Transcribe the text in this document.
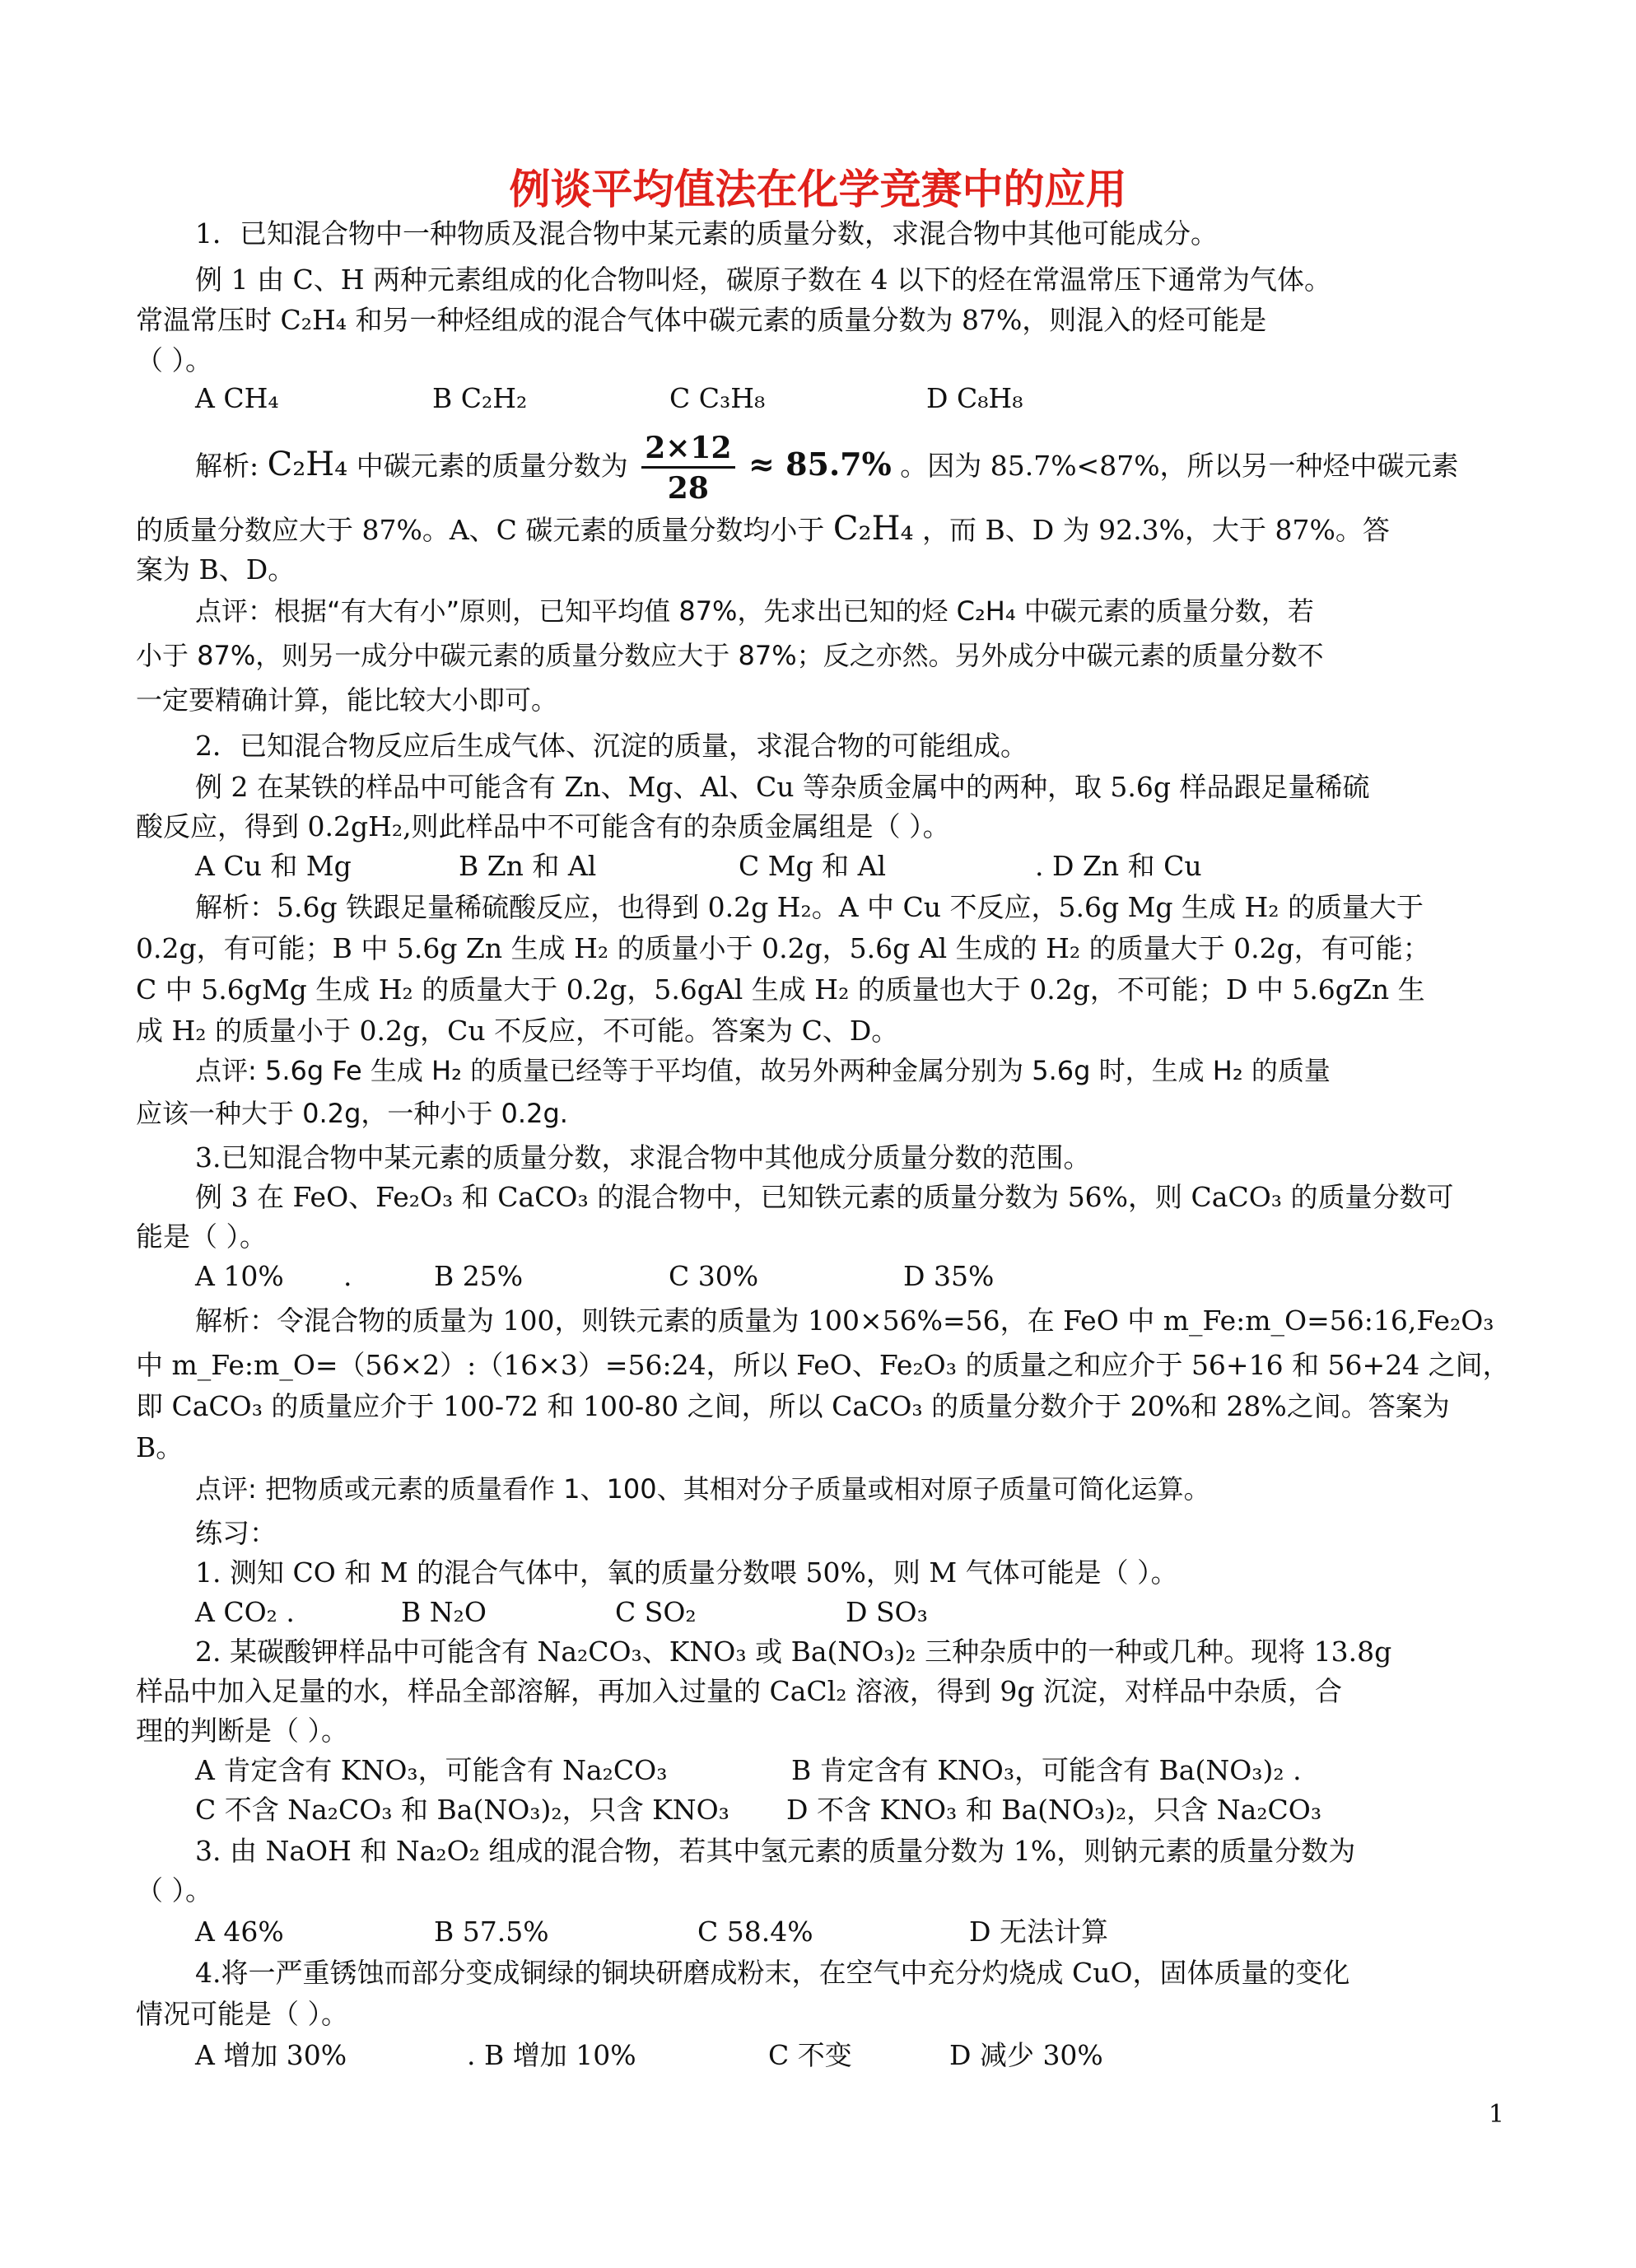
例谈平均值法在化学竞赛中的应用
1．已知混合物中一种物质及混合物中某元素的质量分数，求混合物中其他可能成分。
例 1 由 C、H 两种元素组成的化合物叫烃，碳原子数在 4 以下的烃在常温常压下通常为气体。
常温常压时 C₂H₄ 和另一种烃组成的混合气体中碳元素的质量分数为 87%，则混入的烃可能是
（ ）。
A CH₄	B C₂H₂	C C₃H₈	D C₈H₈
解析: C₂H₄ 中碳元素的质量分数为 $\frac{2\times 12}{28} \approx 85.7\%$ 。因为 85.7%<87%，所以另一种烃中碳元素
的质量分数应大于 87%。A、C 碳元素的质量分数均小于 C₂H₄ ，而 B、D 为 92.3%，大于 87%。答
案为 B、D。
点评：根据“有大有小”原则，已知平均值 87%，先求出已知的烃 C₂H₄ 中碳元素的质量分数，若
小于 87%，则另一成分中碳元素的质量分数应大于 87%；反之亦然。另外成分中碳元素的质量分数不
一定要精确计算，能比较大小即可。
2．已知混合物反应后生成气体、沉淀的质量，求混合物的可能组成。
例 2 在某铁的样品中可能含有 Zn、Mg、Al、Cu 等杂质金属中的两种，取 5.6g 样品跟足量稀硫
酸反应，得到 0.2gH₂,则此样品中不可能含有的杂质金属组是（ ）。
A Cu 和 Mg	B Zn 和 Al	C Mg 和 Al	. D Zn 和 Cu
解析：5.6g 铁跟足量稀硫酸反应，也得到 0.2g H₂。A 中 Cu 不反应，5.6g Mg 生成 H₂ 的质量大于
0.2g，有可能；B 中 5.6g Zn 生成 H₂ 的质量小于 0.2g，5.6g Al 生成的 H₂ 的质量大于 0.2g，有可能；
C 中 5.6gMg 生成 H₂ 的质量大于 0.2g，5.6gAl 生成 H₂ 的质量也大于 0.2g，不可能；D 中 5.6gZn 生
成 H₂ 的质量小于 0.2g，Cu 不反应，不可能。答案为 C、D。
点评: 5.6g Fe 生成 H₂ 的质量已经等于平均值，故另外两种金属分别为 5.6g 时，生成 H₂ 的质量
应该一种大于 0.2g，一种小于 0.2g.
3.已知混合物中某元素的质量分数，求混合物中其他成分质量分数的范围。
例 3 在 FeO、Fe₂O₃ 和 CaCO₃ 的混合物中，已知铁元素的质量分数为 56%，则 CaCO₃ 的质量分数可
能是（ ）。
A 10%	.	B 25%	C 30%	D 35%
解析：令混合物的质量为 100，则铁元素的质量为 100×56%=56，在 FeO 中 m_Fe:m_O=56:16,Fe₂O₃
中 m_Fe:m_O=（56×2）:（16×3）=56:24，所以 FeO、Fe₂O₃ 的质量之和应介于 56+16 和 56+24 之间，
即 CaCO₃ 的质量应介于 100-72 和 100-80 之间，所以 CaCO₃ 的质量分数介于 20%和 28%之间。答案为
B。
点评: 把物质或元素的质量看作 1、100、其相对分子质量或相对原子质量可简化运算。
练习：
1. 测知 CO 和 M 的混合气体中，氧的质量分数喂 50%，则 M 气体可能是（ ）。
A CO₂ .	B N₂O	C SO₂	D SO₃
2. 某碳酸钾样品中可能含有 Na₂CO₃、KNO₃ 或 Ba(NO₃)₂ 三种杂质中的一种或几种。现将 13.8g
样品中加入足量的水，样品全部溶解，再加入过量的 CaCl₂ 溶液，得到 9g 沉淀，对样品中杂质，合
理的判断是（ ）。
A 肯定含有 KNO₃，可能含有 Na₂CO₃	B 肯定含有 KNO₃，可能含有 Ba(NO₃)₂ .
C 不含 Na₂CO₃ 和 Ba(NO₃)₂，只含 KNO₃	D 不含 KNO₃ 和 Ba(NO₃)₂，只含 Na₂CO₃
3. 由 NaOH 和 Na₂O₂ 组成的混合物，若其中氢元素的质量分数为 1%，则钠元素的质量分数为
（ ）。
A 46%	B 57.5%	C 58.4%	D 无法计算
4.将一严重锈蚀而部分变成铜绿的铜块研磨成粉末，在空气中充分灼烧成 CuO，固体质量的变化
情况可能是（ ）。
A 增加 30%	. B 增加 10%	C 不变	D 减少 30%
1
